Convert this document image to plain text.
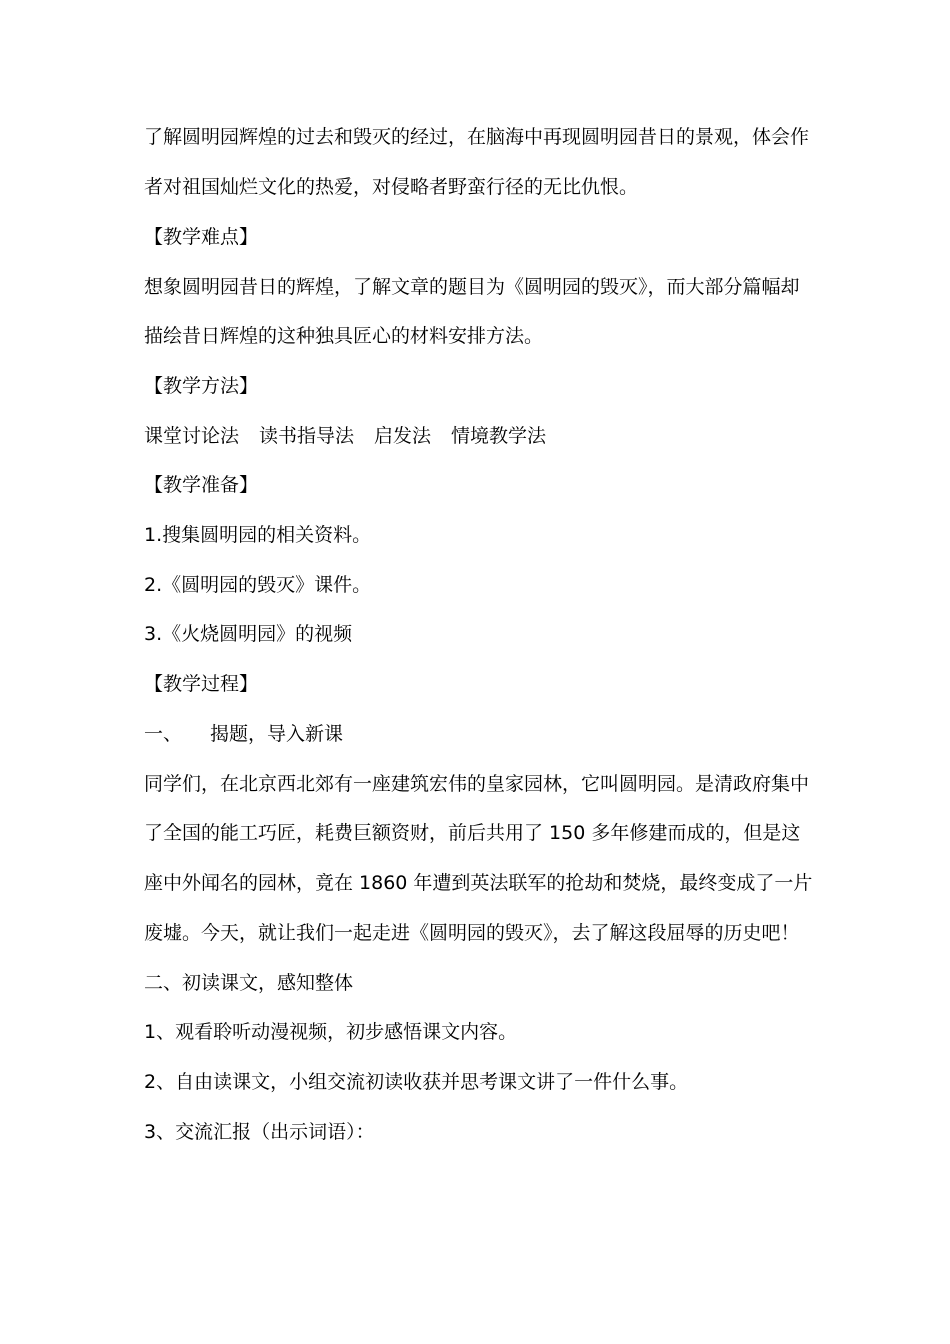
了解圆明园辉煌的过去和毁灭的经过，在脑海中再现圆明园昔日的景观，体会作
者对祖国灿烂文化的热爱，对侵略者野蛮行径的无比仇恨。
【教学难点】
想象圆明园昔日的辉煌，了解文章的题目为《圆明园的毁灭》，而大部分篇幅却
描绘昔日辉煌的这种独具匠心的材料安排方法。
【教学方法】
课堂讨论法 读书指导法 启发法 情境教学法
【教学准备】
1.搜集圆明园的相关资料。
2.《圆明园的毁灭》课件。
3.《火烧圆明园》的视频
【教学过程】
一、 揭题，导入新课
同学们，在北京西北郊有一座建筑宏伟的皇家园林，它叫圆明园。是清政府集中
了全国的能工巧匠，耗费巨额资财，前后共用了 150 多年修建而成的，但是这
座中外闻名的园林，竟在 1860 年遭到英法联军的抢劫和焚烧，最终变成了一片
废墟。今天，就让我们一起走进《圆明园的毁灭》，去了解这段屈辱的历史吧！
二、初读课文，感知整体
1、观看聆听动漫视频，初步感悟课文内容。
2、自由读课文，小组交流初读收获并思考课文讲了一件什么事。
3、交流汇报（出示词语）：
